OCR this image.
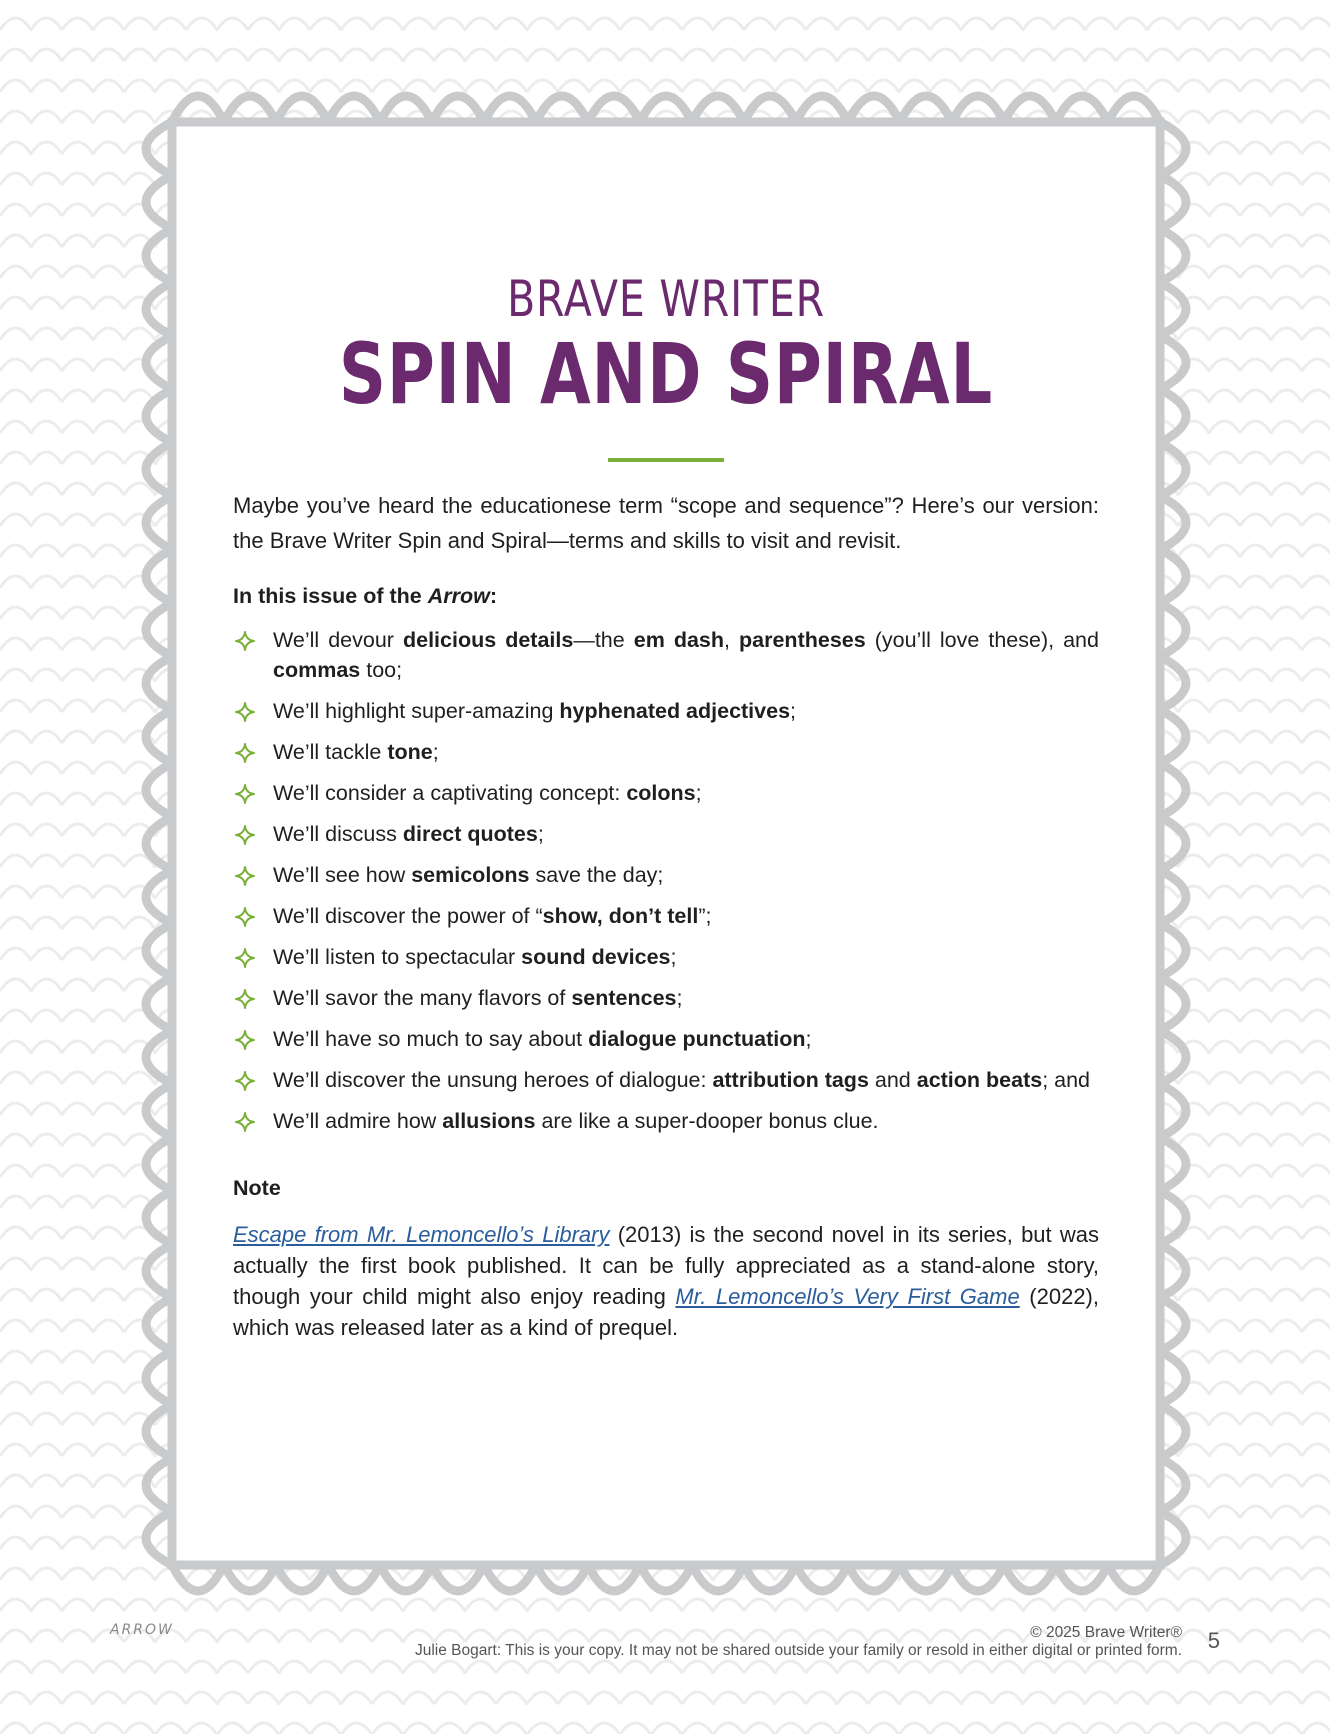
BRAVE WRITER
SPIN AND SPIRAL

Maybe you’ve heard the educationese term “scope and sequence”? Here’s our version: the Brave Writer Spin and Spiral—terms and skills to visit and revisit.

In this issue of the Arrow:

We’ll devour delicious details—the em dash, parentheses (you’ll love these), and commas too;
We’ll highlight super-amazing hyphenated adjectives;
We’ll tackle tone;
We’ll consider a captivating concept: colons;
We’ll discuss direct quotes;
We’ll see how semicolons save the day;
We’ll discover the power of “show, don’t tell”;
We’ll listen to spectacular sound devices;
We’ll savor the many flavors of sentences;
We’ll have so much to say about dialogue punctuation;
We’ll discover the unsung heroes of dialogue: attribution tags and action beats; and
We’ll admire how allusions are like a super-dooper bonus clue.

Note

Escape from Mr. Lemoncello’s Library (2013) is the second novel in its series, but was actually the first book published. It can be fully appreciated as a stand-alone story, though your child might also enjoy reading Mr. Lemoncello’s Very First Game (2022), which was released later as a kind of prequel.

ARROW	© 2025 Brave Writer®
Julie Bogart: This is your copy. It may not be shared outside your family or resold in either digital or printed form. 5
